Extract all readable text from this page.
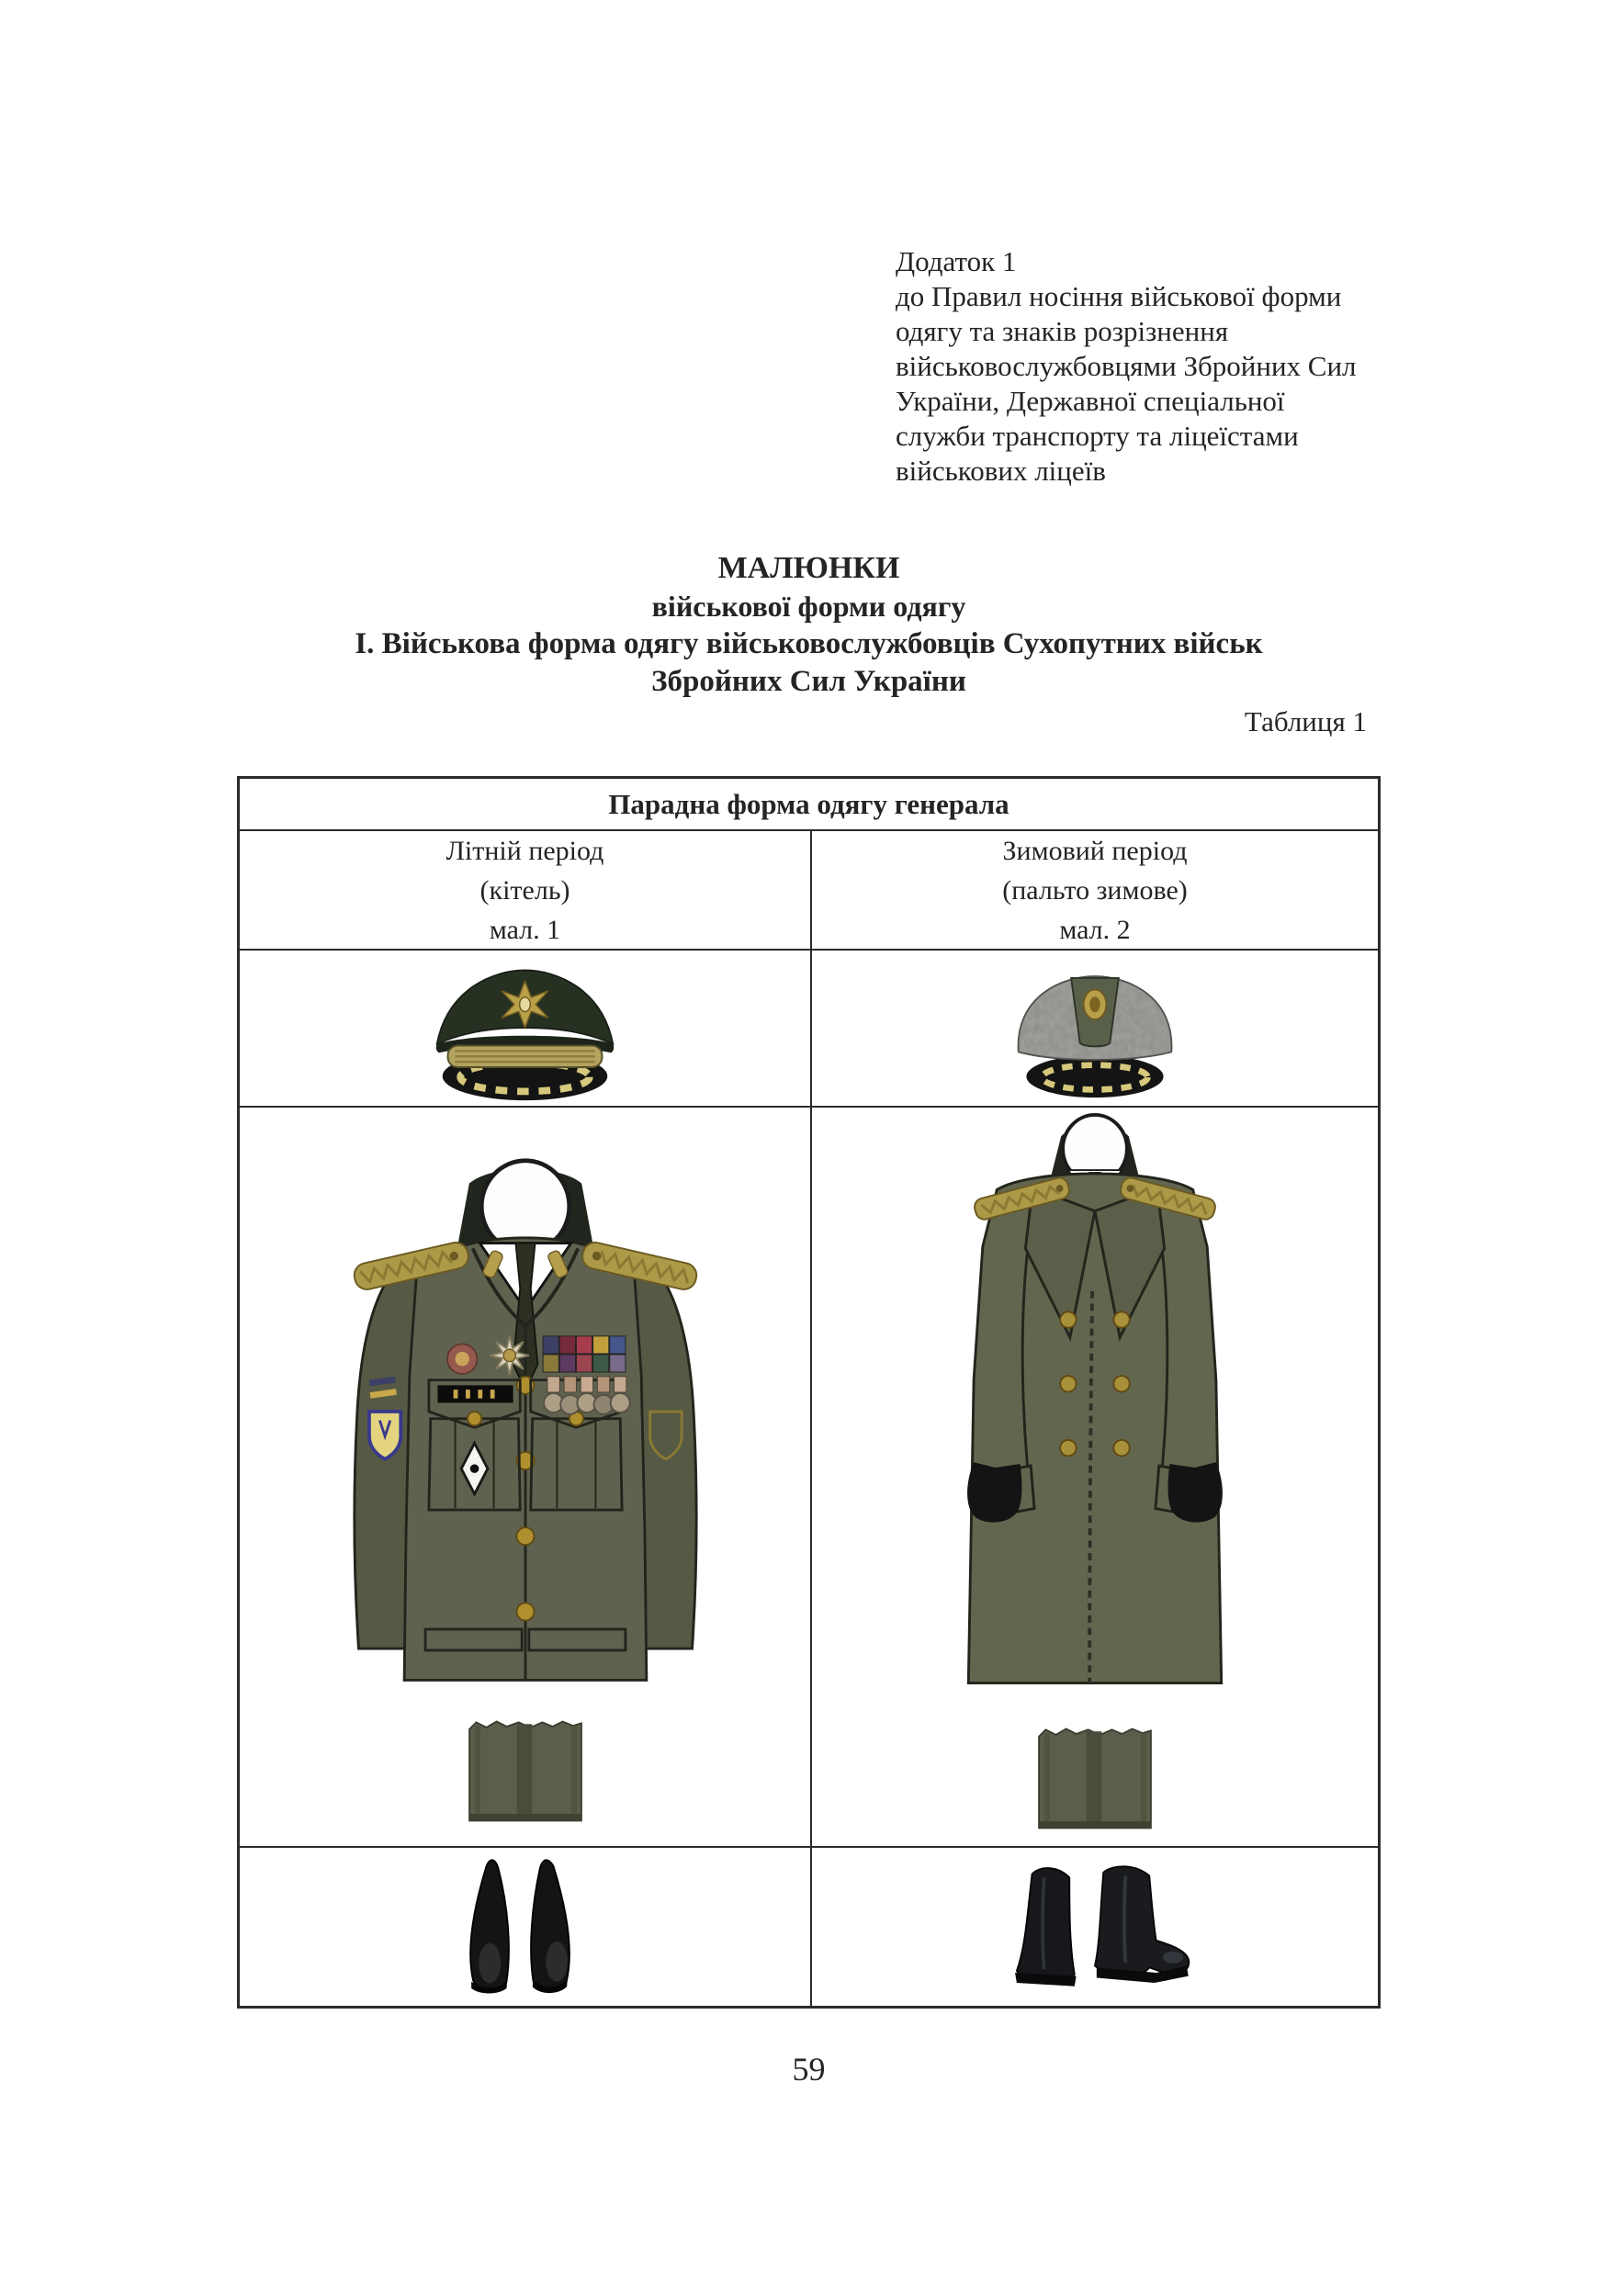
Додаток 1
до Правил носіння військової форми
одягу та знаків розрізнення
військовослужбовцями Збройних Сил
України, Державної спеціальної
служби транспорту та ліцеїстами
військових ліцеїв
МАЛЮНКИ
військової форми одягу
І. Військова форма одягу військовослужбовців Сухопутних військ
Збройних Сил України
Таблиця 1
Парадна форма одягу генерала
Літній період
(кітель)
мал. 1
Зимовий період
(пальто зимове)
мал. 2
59
